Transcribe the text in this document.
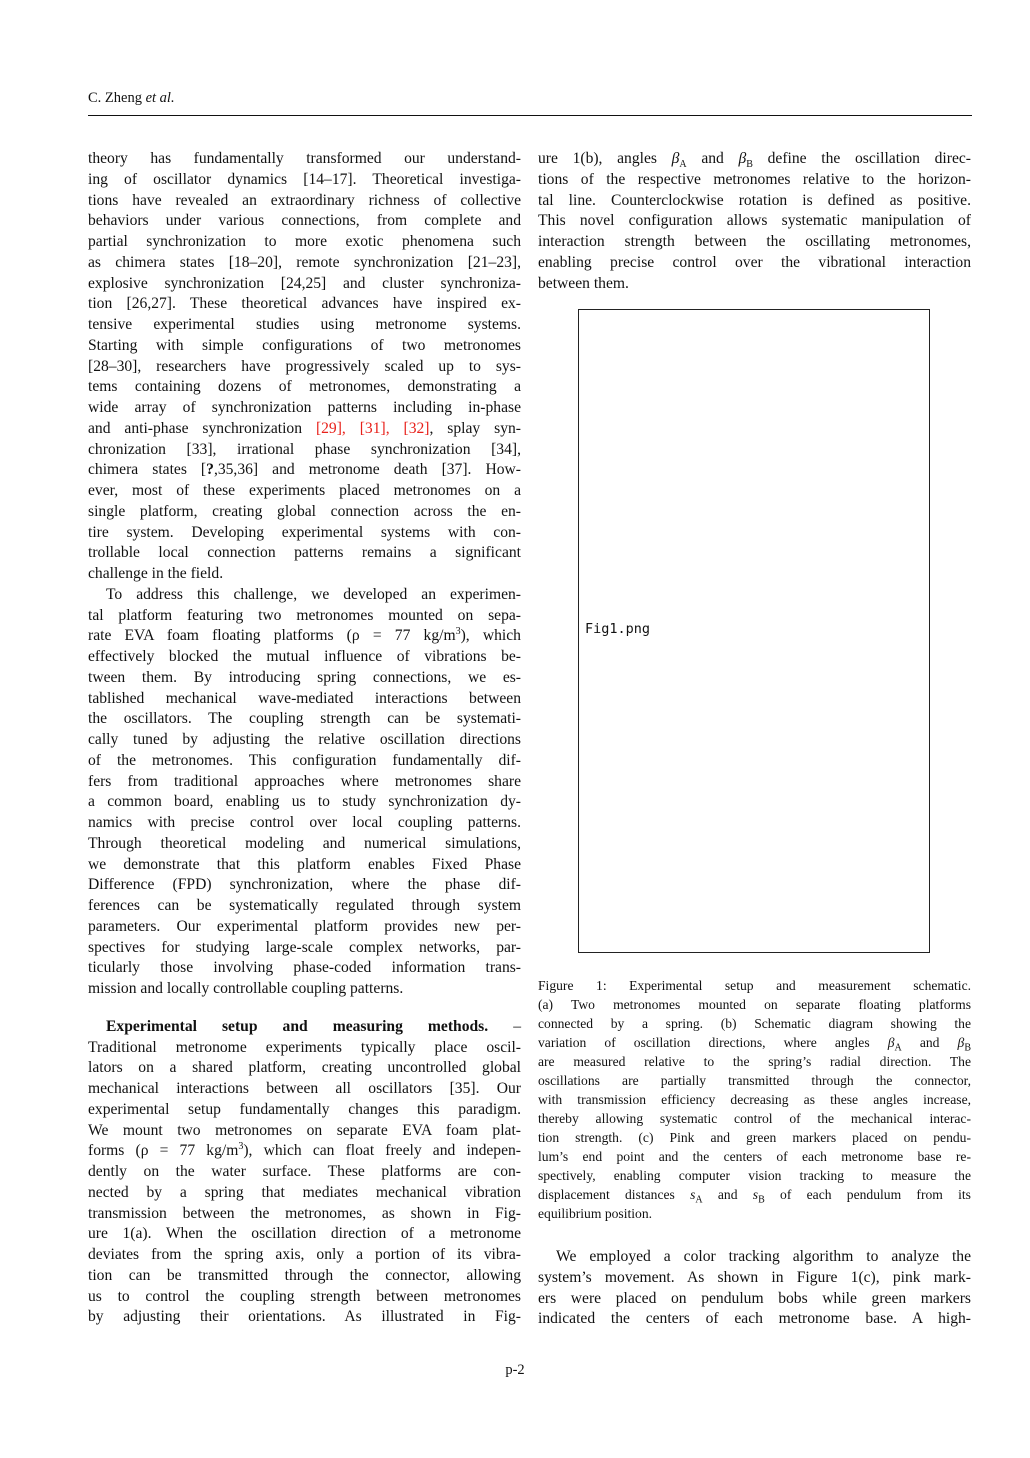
C. Zheng et al.
theory has fundamentally transformed our understand-
ing of oscillator dynamics [14–17]. Theoretical investiga-
tions have revealed an extraordinary richness of collective
behaviors under various connections, from complete and
partial synchronization to more exotic phenomena such
as chimera states [18–20], remote synchronization [21–23],
explosive synchronization [24,25] and cluster synchroniza-
tion [26,27]. These theoretical advances have inspired ex-
tensive experimental studies using metronome systems.
Starting with simple configurations of two metronomes
[28–30], researchers have progressively scaled up to sys-
tems containing dozens of metronomes, demonstrating a
wide array of synchronization patterns including in-phase
and anti-phase synchronization [29], [31], [32], splay syn-
chronization [33], irrational phase synchronization [34],
chimera states [?,35,36] and metronome death [37]. How-
ever, most of these experiments placed metronomes on a
single platform, creating global connection across the en-
tire system. Developing experimental systems with con-
trollable local connection patterns remains a significant
challenge in the field.
To address this challenge, we developed an experimen-
tal platform featuring two metronomes mounted on sepa-
rate EVA foam floating platforms (ρ = 77 $kg/m^3$), which
effectively blocked the mutual influence of vibrations be-
tween them. By introducing spring connections, we es-
tablished mechanical wave-mediated interactions between
the oscillators. The coupling strength can be systemati-
cally tuned by adjusting the relative oscillation directions
of the metronomes. This configuration fundamentally dif-
fers from traditional approaches where metronomes share
a common board, enabling us to study synchronization dy-
namics with precise control over local coupling patterns.
Through theoretical modeling and numerical simulations,
we demonstrate that this platform enables Fixed Phase
Difference (FPD) synchronization, where the phase dif-
ferences can be systematically regulated through system
parameters. Our experimental platform provides new per-
spectives for studying large-scale complex networks, par-
ticularly those involving phase-coded information trans-
mission and locally controllable coupling patterns.
Experimental setup and measuring methods. –
Traditional metronome experiments typically place oscil-
lators on a shared platform, creating uncontrolled global
mechanical interactions between all oscillators [35]. Our
experimental setup fundamentally changes this paradigm.
We mount two metronomes on separate EVA foam plat-
forms (ρ = 77 $kg/m^3$), which can float freely and indepen-
dently on the water surface. These platforms are con-
nected by a spring that mediates mechanical vibration
transmission between the metronomes, as shown in Fig-
ure 1(a). When the oscillation direction of a metronome
deviates from the spring axis, only a portion of its vibra-
tion can be transmitted through the connector, allowing
us to control the coupling strength between metronomes
by adjusting their orientations. As illustrated in Fig-
ure 1(b), angles $\beta_A$ and $\beta_B$ define the oscillation direc-
tions of the respective metronomes relative to the horizon-
tal line. Counterclockwise rotation is defined as positive.
This novel configuration allows systematic manipulation of
interaction strength between the oscillating metronomes,
enabling precise control over the vibrational interaction
between them.
Fig1.png
Figure 1: Experimental setup and measurement schematic.
(a) Two metronomes mounted on separate floating platforms
connected by a spring. (b) Schematic diagram showing the
variation of oscillation directions, where angles $\beta_A$ and $\beta_B$
are measured relative to the spring’s radial direction. The
oscillations are partially transmitted through the connector,
with transmission efficiency decreasing as these angles increase,
thereby allowing systematic control of the mechanical interac-
tion strength. (c) Pink and green markers placed on pendu-
lum’s end point and the centers of each metronome base re-
spectively, enabling computer vision tracking to measure the
displacement distances $s_A$ and $s_B$ of each pendulum from its
equilibrium position.
We employed a color tracking algorithm to analyze the
system’s movement. As shown in Figure 1(c), pink mark-
ers were placed on pendulum bobs while green markers
indicated the centers of each metronome base. A high-
p-2
